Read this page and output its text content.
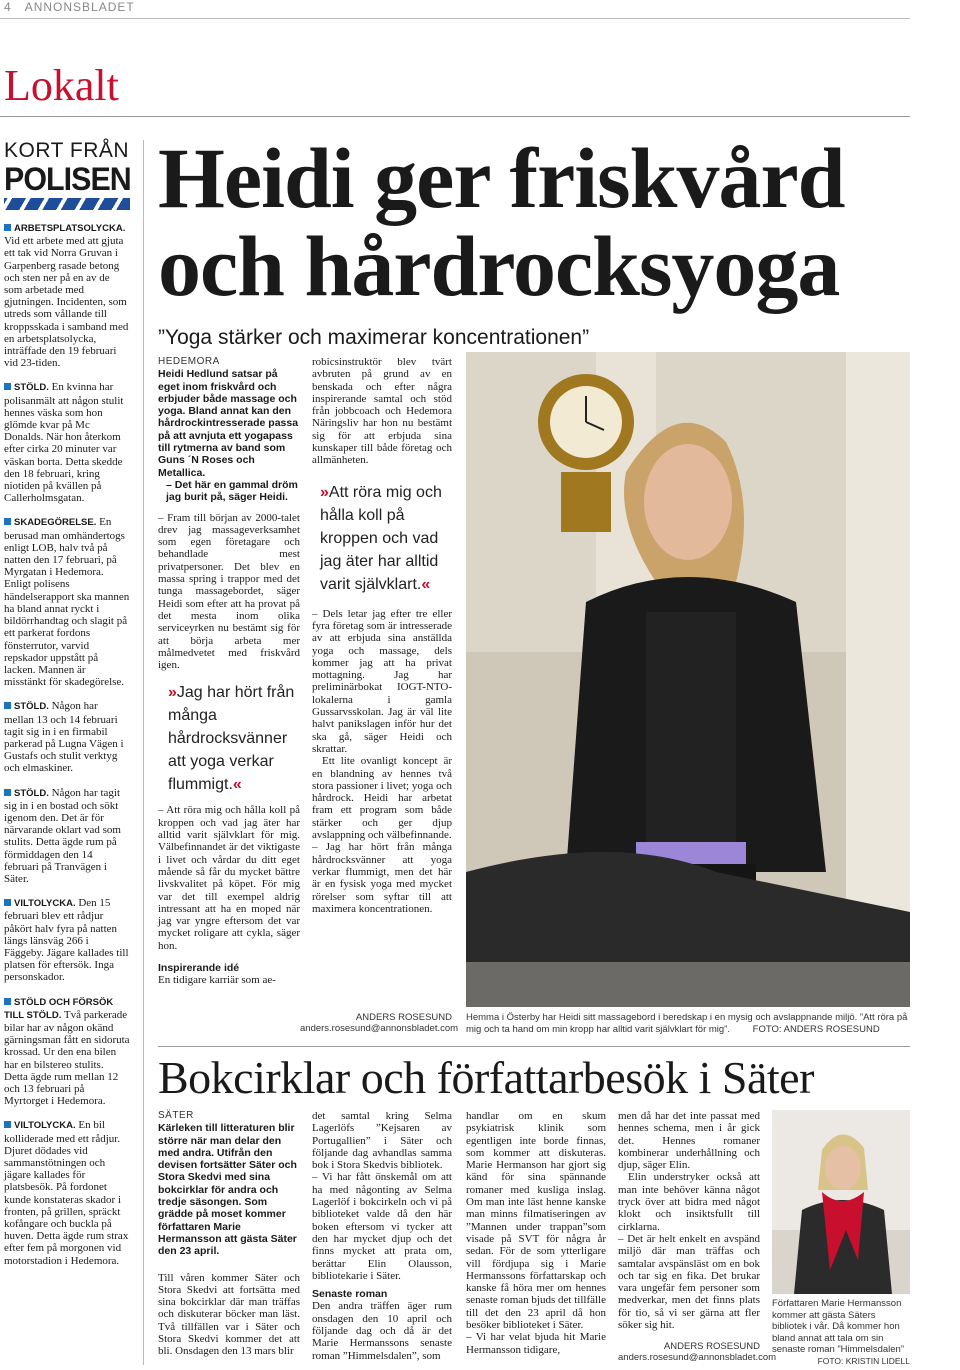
4 ANNONSBLADET
Lokalt
KORT FRÅN
POLISEN
ARBETSPLATSOLYCKA. Vid ett arbete med att gjuta ett tak vid Norra Gruvan i Garpenberg rasade betong och sten ner på en av de som arbetade med gjutningen. Incidenten, som utreds som vållande till kroppsskada i samband med en arbetsplatsolycka, inträffade den 19 februari vid 23-tiden.
STÖLD. En kvinna har polisanmält att någon stulit hennes väska som hon glömde kvar på Mc Donalds. När hon återkom efter cirka 20 minuter var väskan borta. Detta skedde den 18 februari, kring niotiden på kvällen på Callerholmsgatan.
SKADEGÖRELSE. En berusad man omhändertogs enligt LOB, halv två på natten den 17 februari, på Myrgatan i Hedemora. Enligt polisens händelserapport ska mannen ha bland annat ryckt i bildörrhandtag och slagit på ett parkerat fordons fönsterrutor, varvid repskador uppstått på lacken. Mannen är misstänkt för skadegörelse.
STÖLD. Någon har mellan 13 och 14 februari tagit sig in i en firmabil parkerad på Lugna Vägen i Gustafs och stulit verktyg och elmaskiner.
STÖLD. Någon har tagit sig in i en bostad och sökt igenom den. Det är för närvarande oklart vad som stulits. Detta ägde rum på förmiddagen den 14 februari på Tranvägen i Säter.
VILTOLYCKA. Den 15 februari blev ett rådjur påkört halv fyra på natten längs länsväg 266 i Fäggeby. Jägare kallades till platsen för eftersök. Inga personskador.
STÖLD OCH FÖRSÖK TILL STÖLD. Två parkerade bilar har av någon okänd gärningsman fått en sidoruta krossad. Ur den ena bilen har en bilstereo stulits. Detta ägde rum mellan 12 och 13 februari på Myrtorget i Hedemora.
VILTOLYCKA. En bil kolliderade med ett rådjur. Djuret dödades vid sammanstötningen och jägare kallades för platsbesök. På fordonet kunde konstateras skador i fronten, på grillen, spräckt kofångare och buckla på huven. Detta ägde rum strax efter fem på morgonen vid motorstadion i Hedemora.
Heidi ger friskvård
och hårdrocksyoga
”Yoga stärker och maximerar koncentrationen”
HEDEMORA

Heidi Hedlund satsar på eget inom friskvård och erbjuder både massage och yoga. Bland annat kan den hårdrockintresserade passa på att avnjuta ett yogapass till rytmerna av band som Guns ´N Roses och Metallica.

– Det här en gammal dröm jag burit på, säger Heidi.

– Fram till början av 2000-talet drev jag massageverksamhet som egen företagare och behandlade mest privatpersoner. Det blev en massa spring i trappor med det tunga massagebordet, säger Heidi som efter att ha provat på det mesta inom olika serviceyrken nu bestämt sig för att börja arbeta mer målmedvetet med friskvård igen.

»Jag har hört från många hårdrocksvänner att yoga verkar flummigt.«

– Att röra mig och hålla koll på kroppen och vad jag äter har alltid varit självklart för mig. Välbefinnandet är det viktigaste i livet och vårdar du ditt eget mående så får du mycket bättre livskvalitet på köpet. För mig var det till exempel aldrig intressant att ha en moped när jag var yngre eftersom det var mycket roligare att cykla, säger hon.

Inspirerande idé

En tidigare karriär som ae-

robicsinstruktör blev tvärt avbruten på grund av en benskada och efter några inspirerande samtal och stöd från jobbcoach och Hedemora Näringsliv har hon nu bestämt sig för att erbjuda sina kunskaper till både företag och allmänheten.

»Att röra mig och hålla koll på kroppen och vad jag äter har alltid varit självklart.«

– Dels letar jag efter tre eller fyra företag som är intresserade av att erbjuda sina anställda yoga och massage, dels kommer jag att ha privat mottagning. Jag har preliminärbokat IOGT-NTO-lokalerna i gamla Gussarvsskolan. Jag är väl lite halvt panikslagen inför hur det ska gå, säger Heidi och skrattar.

Ett lite ovanligt koncept är en blandning av hennes två stora passioner i livet; yoga och hårdrock. Heidi har arbetat fram ett program som både stärker och ger djup avslappning och välbefinnande.

– Jag har hört från många hårdrocksvänner att yoga verkar flummigt, men det här är en fysisk yoga med mycket rörelser som syftar till att maximera koncentrationen.

ANDERS ROSESUND
anders.rosesund@annonsbladet.com
Hemma i Österby har Heidi sitt massagebord i beredskap i en mysig och avslappnande miljö. ”Att röra på mig och ta hand om min kropp har alltid varit självklart för mig”. FOTO: ANDERS ROSESUND
Bokcirklar och författarbesök i Säter
SÄTER

Kärleken till litteraturen blir större när man delar den med andra. Utifrån den devisen fortsätter Säter och Stora Skedvi med sina bokcirklar för andra och tredje säsongen. Som grädde på moset kommer författaren Marie Hermansson att gästa Säter den 23 april.

Till våren kommer Säter och Stora Skedvi att fortsätta med sina bokcirklar där man träffas och diskuterar böcker man läst. Två tillfällen var i Säter och Stora Skedvi kommer det att bli. Onsdagen den 13 mars blir

det samtal kring Selma Lagerlöfs ”Kejsaren av Portugallien” i Säter och följande dag avhandlas samma bok i Stora Skedvis bibliotek.

– Vi har fått önskemål om att ha med någonting av Selma Lagerlöf i bokcirkeln och vi på biblioteket valde då den här boken eftersom vi tycker att den har mycket djup och det finns mycket att prata om, berättar Elin Olausson, bibliotekarie i Säter.

Senaste roman

Den andra träffen äger rum onsdagen den 10 april och följande dag och då är det Marie Hermanssons senaste roman ”Himmelsdalen”, som

handlar om en skum psykiatrisk klinik som egentligen inte borde finnas, som kommer att diskuteras. Marie Hermanson har gjort sig känd för sina spännande romaner med kusliga inslag. Om man inte läst henne kanske man minns filmatiseringen av ”Mannen under trappan”som visade på SVT för några år sedan. För de som ytterligare vill fördjupa sig i Marie Hermanssons författarskap och kanske få höra mer om hennes senaste roman bjuds det tillfälle till det den 23 april då hon besöker biblioteket i Säter.

– Vi har velat bjuda hit Marie Hermansson tidigare,

men då har det inte passat med hennes schema, men i år gick det. Hennes romaner kombinerar underhållning och djup, säger Elin.

Elin understryker också att man inte behöver känna något tryck över att bidra med något klokt och insiktsfullt till cirklarna.

– Det är helt enkelt en avspänd miljö där man träffas och samtalar avspänsläst om en bok och tar sig en fika. Det brukar vara ungefär fem personer som medverkar, men det finns plats för tio, så vi ser gärna att fler söker sig hit.

ANDERS ROSESUND
anders.rosesund@annonsbladet.com
Författaren Marie Hermansson kommer att gästa Säters bibliotek i vår. Då kommer hon bland annat att tala om sin senaste roman ”Himmelsdalen”
FOTO: KRISTIN LIDELL
